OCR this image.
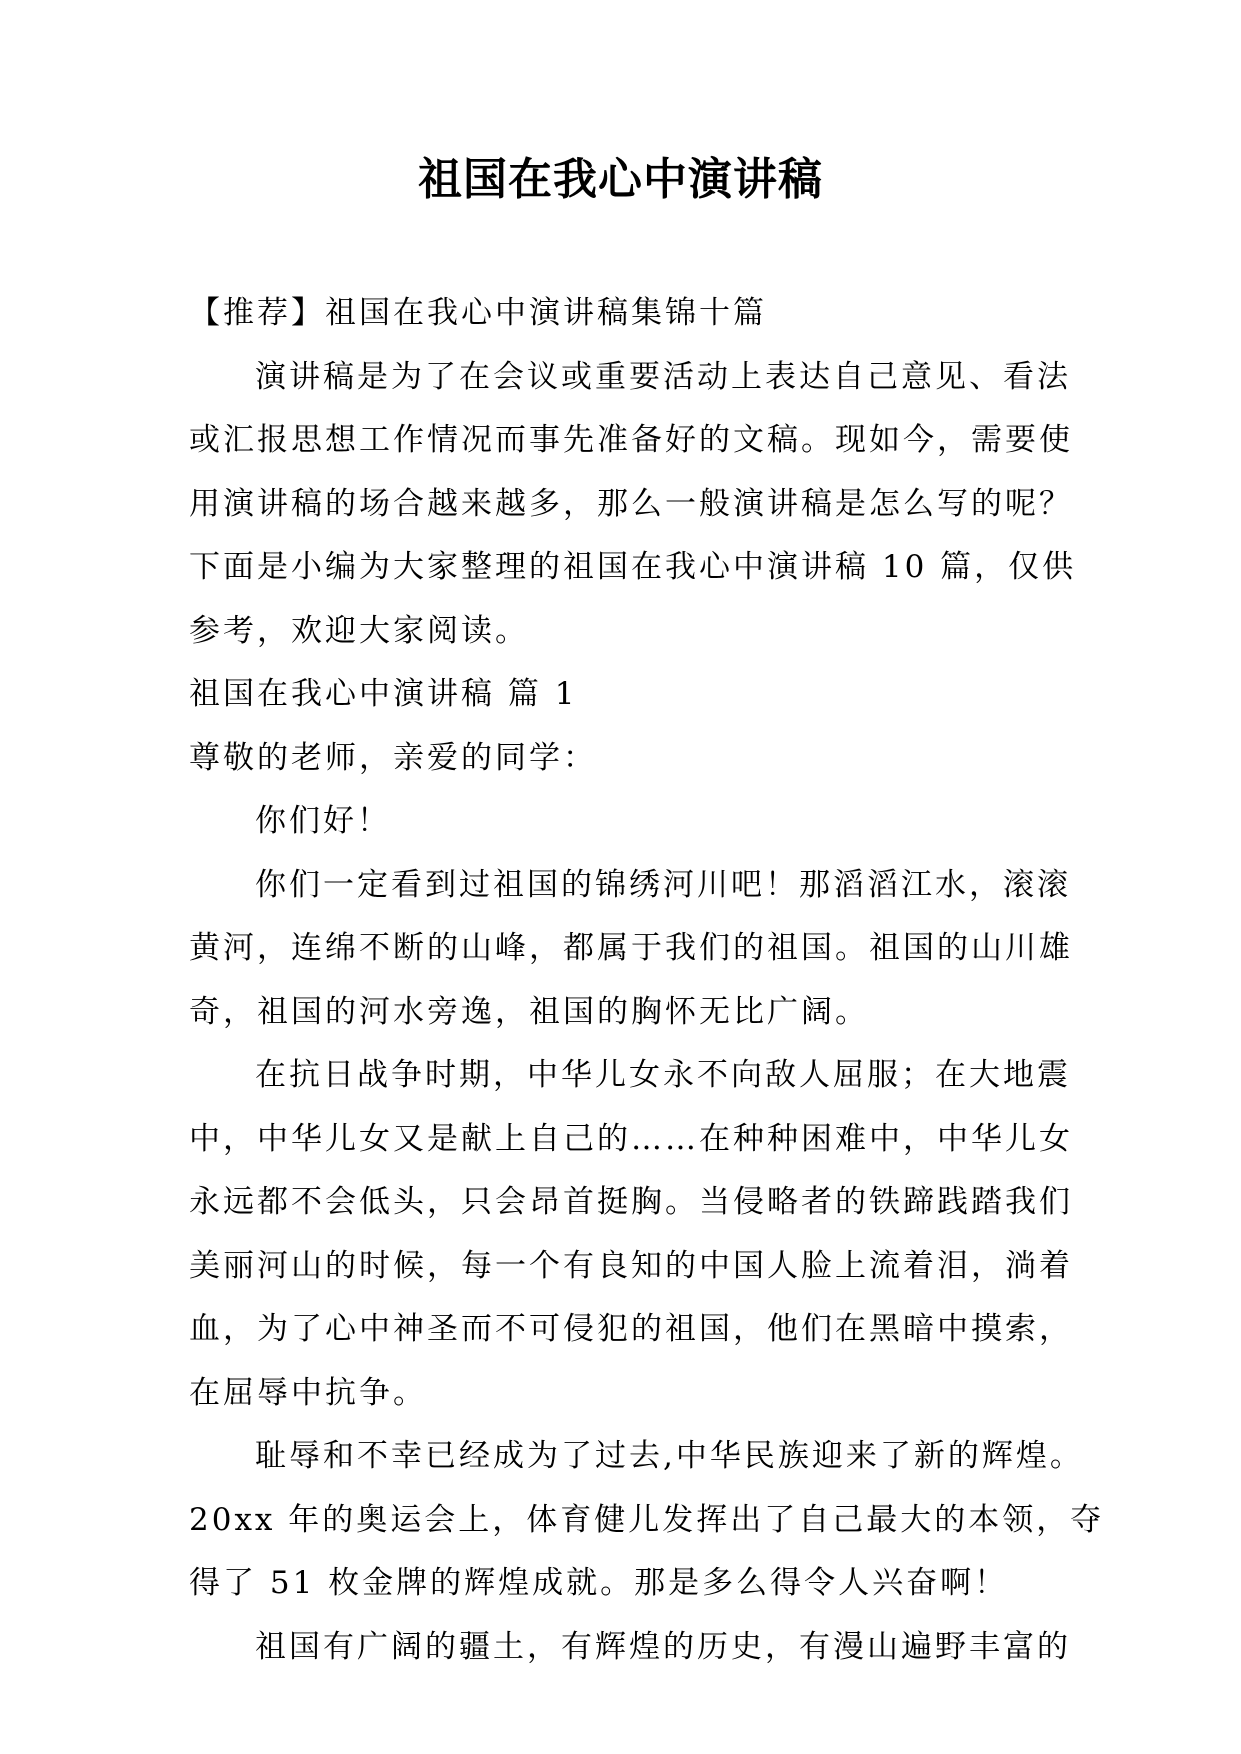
祖国在我心中演讲稿
【推荐】祖国在我心中演讲稿集锦十篇
演讲稿是为了在会议或重要活动上表达自己意见、看法
或汇报思想工作情况而事先准备好的文稿。现如今，需要使
用演讲稿的场合越来越多，那么一般演讲稿是怎么写的呢？
下面是小编为大家整理的祖国在我心中演讲稿 10 篇，仅供
参考，欢迎大家阅读。
祖国在我心中演讲稿 篇 1
尊敬的老师，亲爱的同学：
你们好！
你们一定看到过祖国的锦绣河川吧！那滔滔江水，滚滚
黄河，连绵不断的山峰，都属于我们的祖国。祖国的山川雄
奇，祖国的河水旁逸，祖国的胸怀无比广阔。
在抗日战争时期，中华儿女永不向敌人屈服；在大地震
中，中华儿女又是献上自己的……在种种困难中，中华儿女
永远都不会低头，只会昂首挺胸。当侵略者的铁蹄践踏我们
美丽河山的时候，每一个有良知的中国人脸上流着泪，淌着
血，为了心中神圣而不可侵犯的祖国，他们在黑暗中摸索，
在屈辱中抗争。
耻辱和不幸已经成为了过去,中华民族迎来了新的辉煌。
20xx 年的奥运会上，体育健儿发挥出了自己最大的本领，夺
得了 51 枚金牌的辉煌成就。那是多么得令人兴奋啊！
祖国有广阔的疆土，有辉煌的历史，有漫山遍野丰富的
